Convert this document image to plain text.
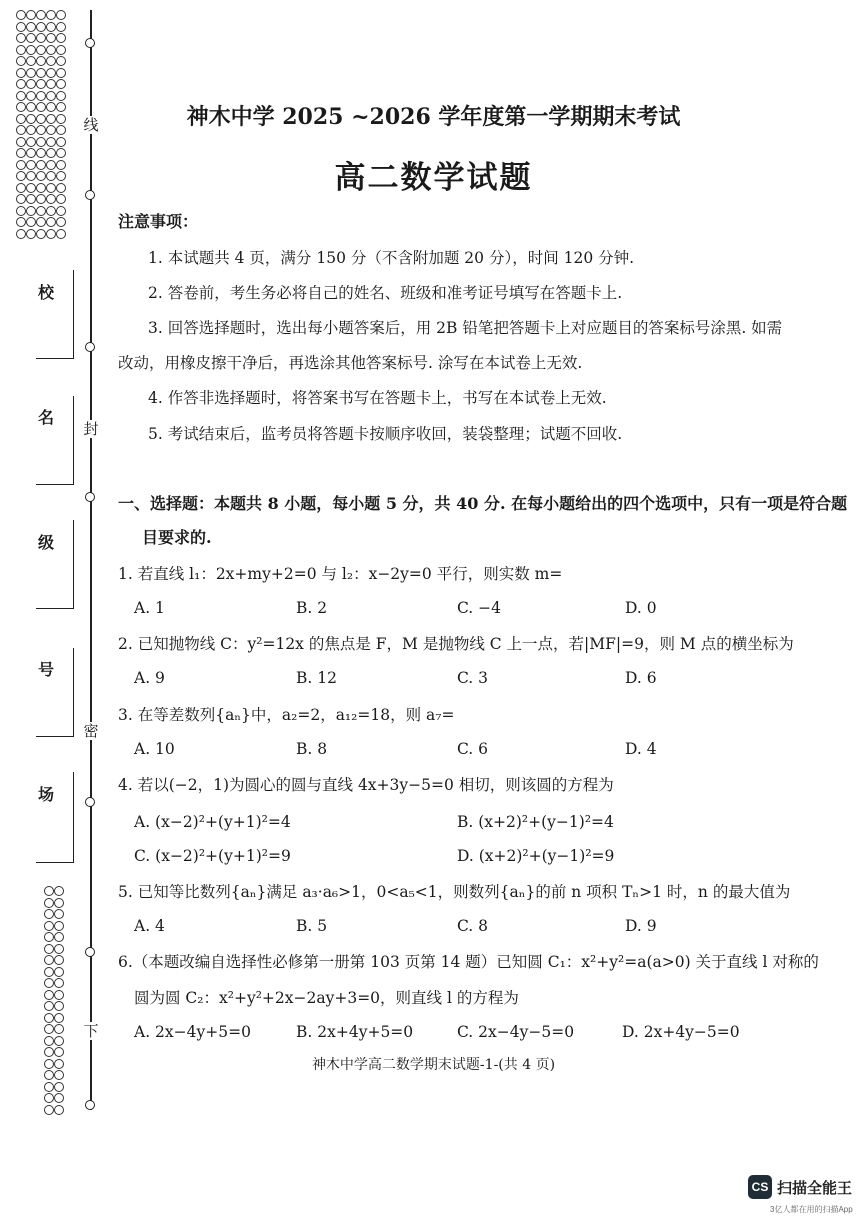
线
封
密
下
校
名
级
号
场
神木中学 2025 ~2026 学年度第一学期期末考试
高二数学试题
注意事项：
1. 本试题共 4 页，满分 150 分（不含附加题 20 分），时间 120 分钟.
2. 答卷前，考生务必将自己的姓名、班级和准考证号填写在答题卡上.
3. 回答选择题时，选出每小题答案后，用 2B 铅笔把答题卡上对应题目的答案标号涂黑. 如需
改动，用橡皮擦干净后，再选涂其他答案标号. 涂写在本试卷上无效.
4. 作答非选择题时，将答案书写在答题卡上，书写在本试卷上无效.
5. 考试结束后，监考员将答题卡按顺序收回，装袋整理；试题不回收.
一、选择题：本题共 8 小题，每小题 5 分，共 40 分. 在每小题给出的四个选项中，只有一项是符合题
目要求的.
1. 若直线 l₁：2x+my+2=0 与 l₂：x−2y=0 平行，则实数 m=
A. 1	B. 2	C. −4	D. 0
2. 已知抛物线 C：y²=12x 的焦点是 F，M 是抛物线 C 上一点，若|MF|=9，则 M 点的横坐标为
A. 9	B. 12	C. 3	D. 6
3. 在等差数列{aₙ}中，a₂=2，a₁₂=18，则 a₇=
A. 10	B. 8	C. 6	D. 4
4. 若以(−2，1)为圆心的圆与直线 4x+3y−5=0 相切，则该圆的方程为
A. (x−2)²+(y+1)²=4	B. (x+2)²+(y−1)²=4
C. (x−2)²+(y+1)²=9	D. (x+2)²+(y−1)²=9
5. 已知等比数列{aₙ}满足 a₃·a₆>1，0<a₅<1，则数列{aₙ}的前 n 项积 Tₙ>1 时，n 的最大值为
A. 4	B. 5	C. 8	D. 9
6.（本题改编自选择性必修第一册第 103 页第 14 题）已知圆 C₁：x²+y²=a(a>0) 关于直线 l 对称的
圆为圆 C₂：x²+y²+2x−2ay+3=0，则直线 l 的方程为
A. 2x−4y+5=0	B. 2x+4y+5=0	C. 2x−4y−5=0	D. 2x+4y−5=0
神木中学高二数学期末试题-1-(共 4 页)
CS 扫描全能王
3亿人都在用的扫描App
